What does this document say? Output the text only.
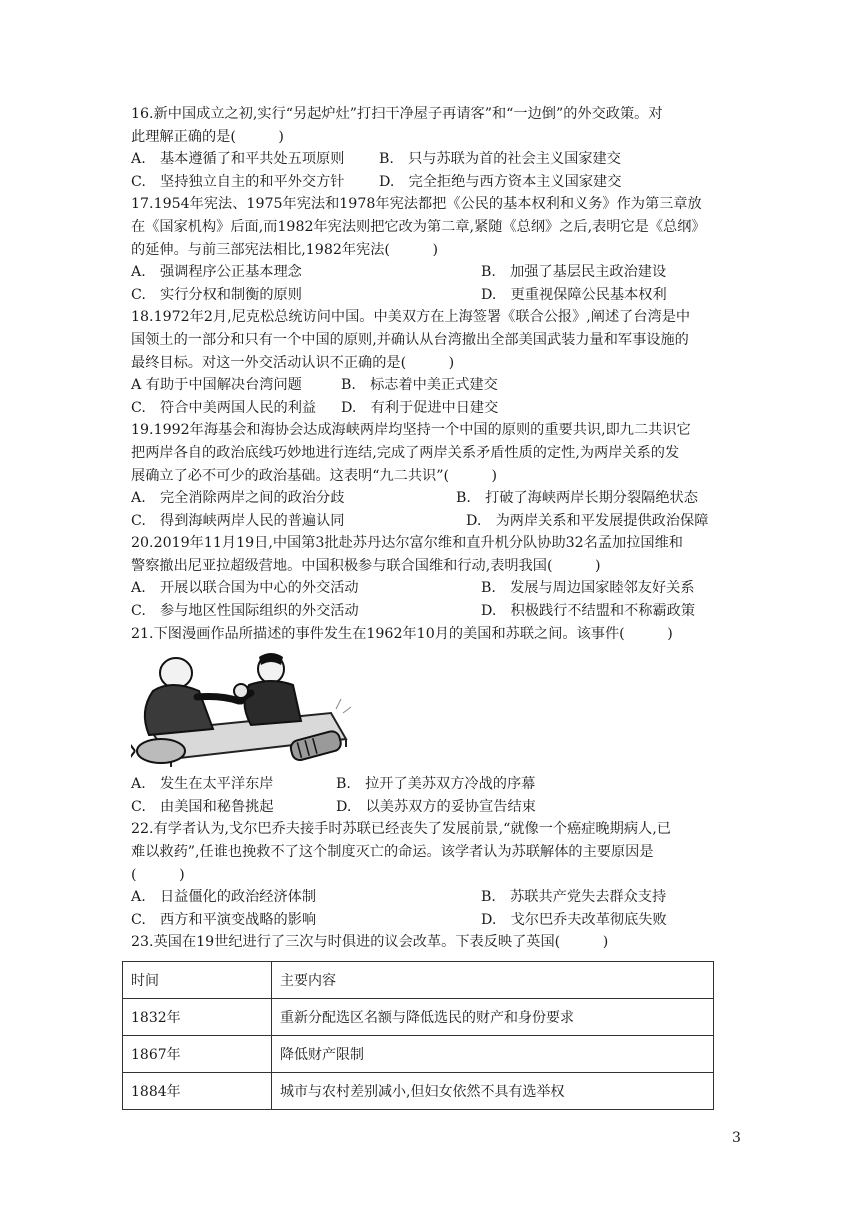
16.新中国成立之初,实行“另起炉灶”打扫干净屋子再请客”和“一边倒”的外交政策。对
此理解正确的是(　　　)
A.　基本遵循了和平共处五项原则 B.　只与苏联为首的社会主义国家建交
C.　坚持独立自主的和平外交方针 D.　完全拒绝与西方资本主义国家建交
17.1954年宪法、1975年宪法和1978年宪法都把《公民的基本权利和义务》作为第三章放
在《国家机构》后面,而1982年宪法则把它改为第二章,紧随《总纲》之后,表明它是《总纲》
的延伸。与前三部宪法相比,1982年宪法(　　　)
A.　强调程序公正基本理念	B.　加强了基层民主政治建设
C.　实行分权和制衡的原则	D.　更重视保障公民基本权利
18.1972年2月,尼克松总统访问中国。中美双方在上海签署《联合公报》,阐述了台湾是中
国领土的一部分和只有一个中国的原则,并确认从台湾撤出全部美国武装力量和军事设施的
最终目标。对这一外交活动认识不正确的是(　　　)
A 有助于中国解决台湾问题	B.　标志着中美正式建交
C.　符合中美两国人民的利益 D.　有利于促进中日建交
19.1992年海基会和海协会达成海峡两岸均坚持一个中国的原则的重要共识,即九二共识它
把两岸各自的政治底线巧妙地进行连结,完成了两岸关系矛盾性质的定性,为两岸关系的发
展确立了必不可少的政治基础。这表明“九二共识”(　　　)
A.　完全消除两岸之间的政治分歧	B.　打破了海峡两岸长期分裂隔绝状态
C.　得到海峡两岸人民的普遍认同	D.　为两岸关系和平发展提供政治保障
20.2019年11月19日,中国第3批赴苏丹达尔富尔维和直升机分队协助32名孟加拉国维和
警察撤出尼亚拉超级营地。中国积极参与联合国维和行动,表明我国(　　　)
A.　开展以联合国为中心的外交活动	B.　发展与周边国家睦邻友好关系
C.　参与地区性国际组织的外交活动	D.　积极践行不结盟和不称霸政策
21.下图漫画作品所描述的事件发生在1962年10月的美国和苏联之间。该事件(　　　)
A.　发生在太平洋东岸	B.　拉开了美苏双方冷战的序幕
C.　由美国和秘鲁挑起	D.　以美苏双方的妥协宣告结束
22.有学者认为,戈尔巴乔夫接手时苏联已经丧失了发展前景,“就像一个癌症晚期病人,已
难以救药”,任谁也挽救不了这个制度灭亡的命运。该学者认为苏联解体的主要原因是
(　　　)
A.　日益僵化的政治经济体制	B.　苏联共产党失去群众支持
C.　西方和平演变战略的影响	D.　戈尔巴乔夫改革彻底失败
23.英国在19世纪进行了三次与时俱进的议会改革。下表反映了英国(　　　)
时间	主要内容
1832年	重新分配选区名额与降低选民的财产和身份要求
1867年	降低财产限制
1884年	城市与农村差别减小,但妇女依然不具有选举权
3
